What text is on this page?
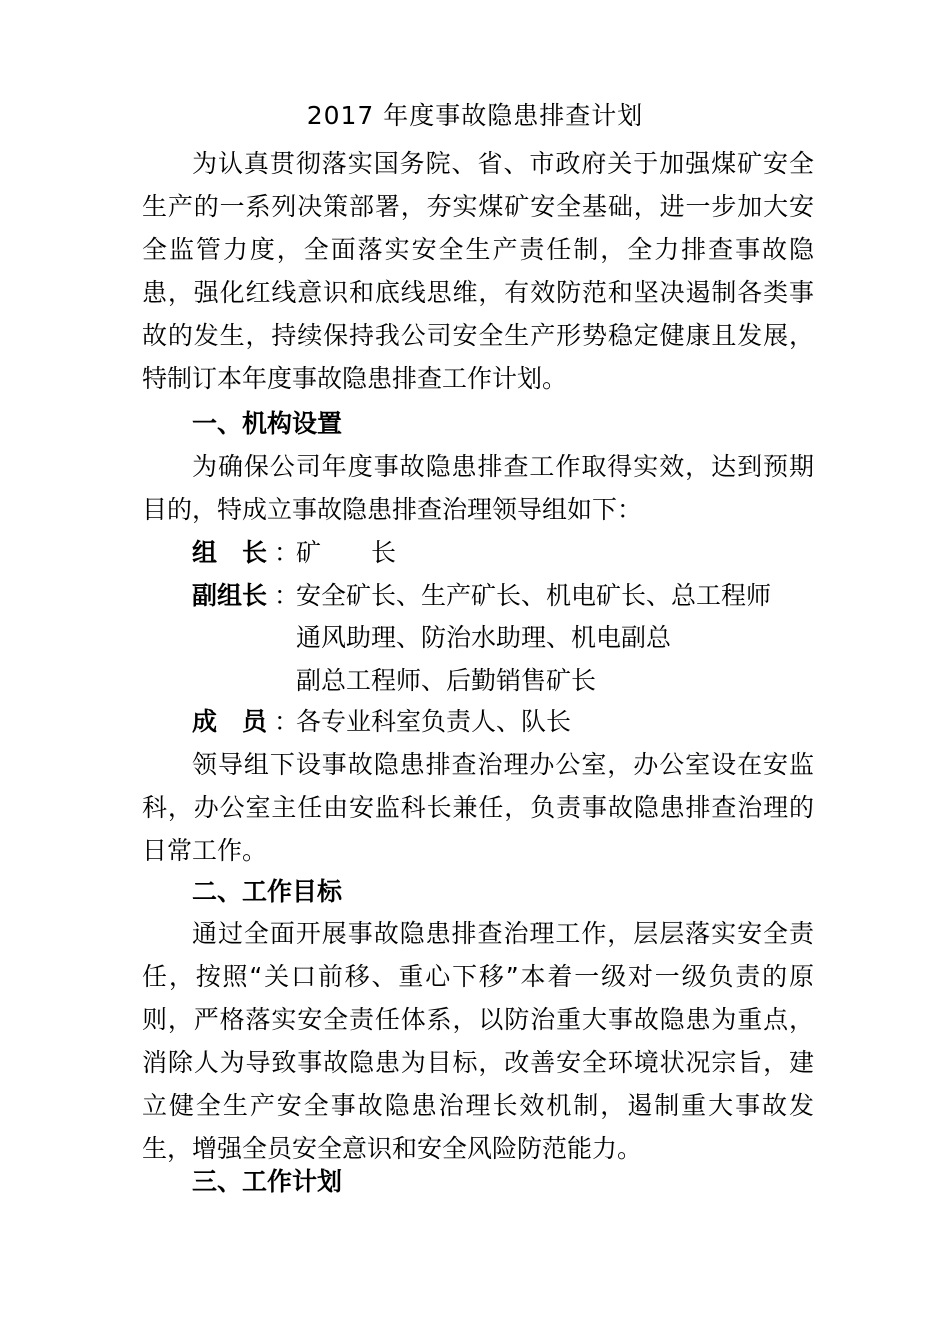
2017 年度事故隐患排查计划
为认真贯彻落实国务院、省、市政府关于加强煤矿安全生产的一系列决策部署，夯实煤矿安全基础，进一步加大安全监管力度，全面落实安全生产责任制，全力排查事故隐患，强化红线意识和底线思维，有效防范和坚决遏制各类事故的发生，持续保持我公司安全生产形势稳定健康且发展，特制订本年度事故隐患排查工作计划。
一、机构设置
为确保公司年度事故隐患排查工作取得实效，达到预期目的，特成立事故隐患排查治理领导组如下：
组　长 ：矿　　长
副组长 ：安全矿长、生产矿长、机电矿长、总工程师
通风助理、防治水助理、机电副总
副总工程师、后勤销售矿长
成　员 ：各专业科室负责人、队长
领导组下设事故隐患排查治理办公室，办公室设在安监科，办公室主任由安监科长兼任，负责事故隐患排查治理的日常工作。
二、工作目标
通过全面开展事故隐患排查治理工作，层层落实安全责任，按照“关口前移、重心下移”本着一级对一级负责的原则，严格落实安全责任体系，以防治重大事故隐患为重点，消除人为导致事故隐患为目标，改善安全环境状况宗旨，建立健全生产安全事故隐患治理长效机制，遏制重大事故发生，增强全员安全意识和安全风险防范能力。
三、工作计划
